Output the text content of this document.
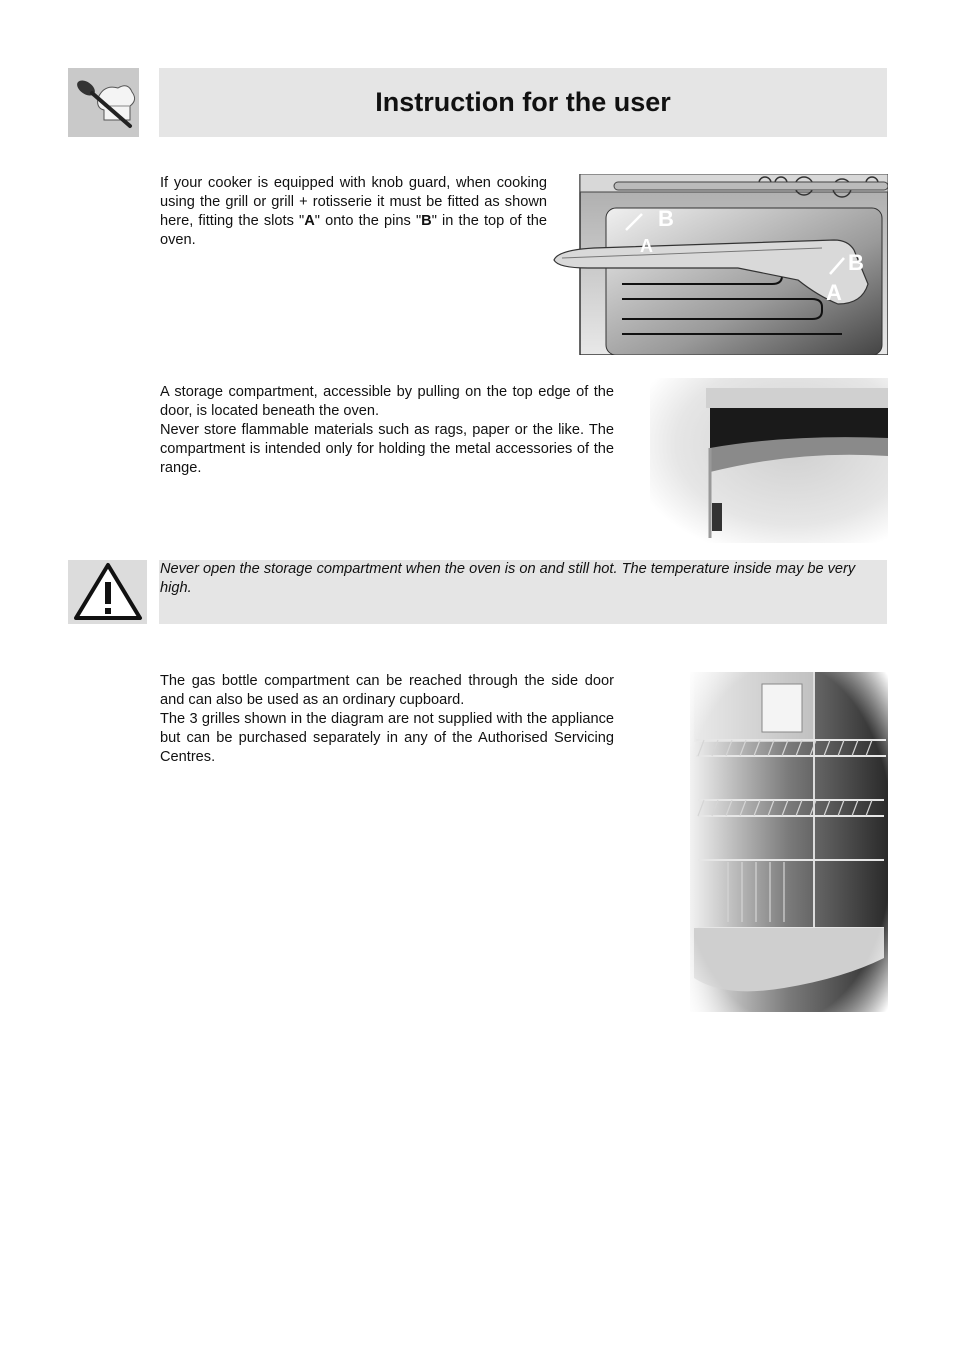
Instruction for the user

If your cooker is equipped with knob guard, when cooking using the grill or grill + rotisserie it must be fitted as shown here, fitting the slots "A" onto the pins "B" in the top of the oven.

B
A
B
A

A storage compartment, accessible by pulling on the top edge of the door, is located beneath the oven.

Never store flammable materials such as rags, paper or the like. The compartment is intended only for holding the metal accessories of the range.

Never open the storage compartment when the oven is on and still hot. The temperature inside may be very high.

The gas bottle compartment can be reached through the side door and can also be used as an ordinary cupboard.

The 3 grilles shown in the diagram are not supplied with the appliance but can be purchased separately in any of the Authorised Servicing Centres.
